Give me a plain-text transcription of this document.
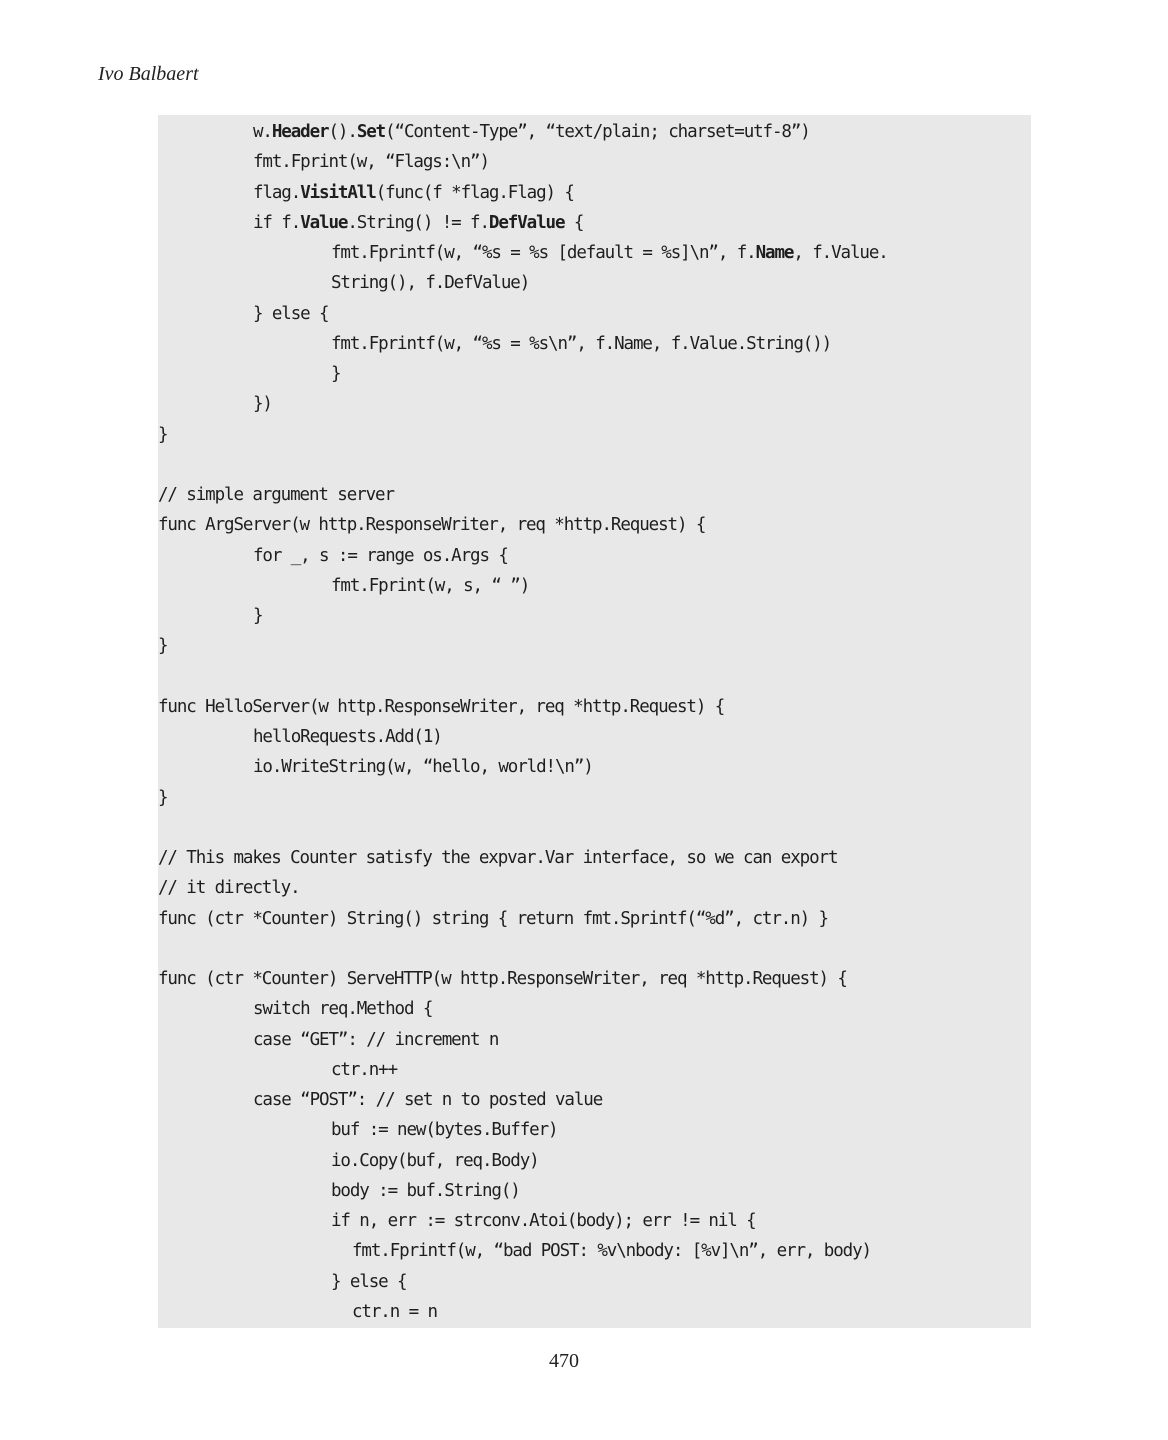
Ivo Balbaert
w.Header().Set(“Content-Type”, “text/plain; charset=utf-8”)
fmt.Fprint(w, “Flags:\n”)
flag.VisitAll(func(f *flag.Flag) {
if f.Value.String() != f.DefValue {
fmt.Fprintf(w, “%s = %s [default = %s]\n”, f.Name, f.Value.
String(), f.DefValue)
} else {
fmt.Fprintf(w, “%s = %s\n”, f.Name, f.Value.String())
}
})
}

// simple argument server
func ArgServer(w http.ResponseWriter, req *http.Request) {
for _, s := range os.Args {
fmt.Fprint(w, s, “ ”)
}
}

func HelloServer(w http.ResponseWriter, req *http.Request) {
helloRequests.Add(1)
io.WriteString(w, “hello, world!\n”)
}

// This makes Counter satisfy the expvar.Var interface, so we can export
// it directly.
func (ctr *Counter) String() string { return fmt.Sprintf(“%d”, ctr.n) }

func (ctr *Counter) ServeHTTP(w http.ResponseWriter, req *http.Request) {
switch req.Method {
case “GET”: // increment n
ctr.n++
case “POST”: // set n to posted value
buf := new(bytes.Buffer)
io.Copy(buf, req.Body)
body := buf.String()
if n, err := strconv.Atoi(body); err != nil {
fmt.Fprintf(w, “bad POST: %v\nbody: [%v]\n”, err, body)
} else {
ctr.n = n
470
